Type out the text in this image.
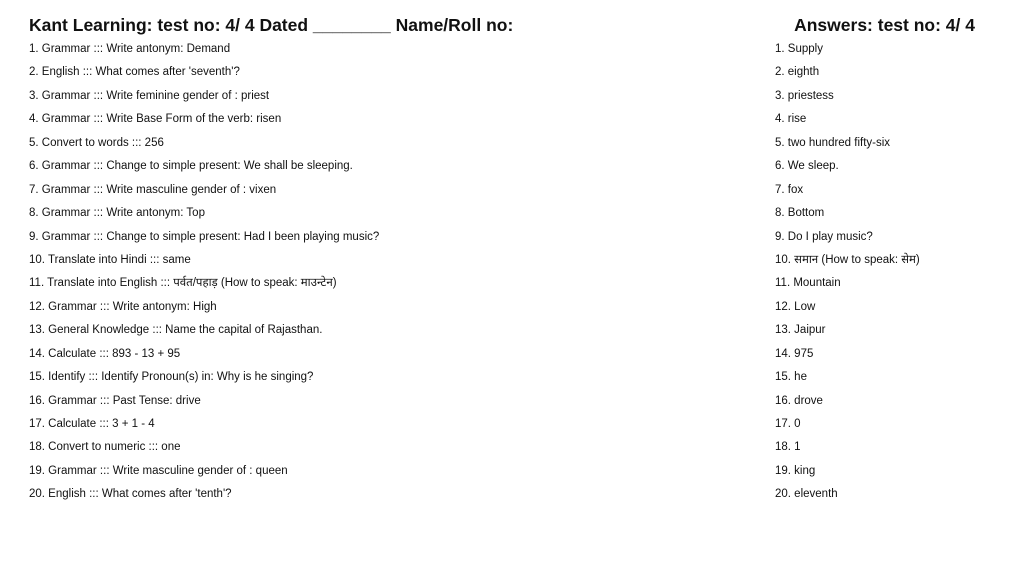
Kant Learning: test no: 4/ 4 Dated ________ Name/Roll no:	Answers: test no: 4/ 4
1. Grammar ::: Write antonym: Demand
2. English ::: What comes after 'seventh'?
3. Grammar ::: Write feminine gender of : priest
4. Grammar ::: Write Base Form of the verb: risen
5. Convert to words ::: 256
6. Grammar ::: Change to simple present: We shall be sleeping.
7. Grammar ::: Write masculine gender of : vixen
8. Grammar ::: Write antonym: Top
9. Grammar ::: Change to simple present: Had I been playing music?
10. Translate into Hindi ::: same
11. Translate into English ::: पर्वत/पहाड़ (How to speak: माउन्टेन)
12. Grammar ::: Write antonym: High
13. General Knowledge ::: Name the capital of Rajasthan.
14. Calculate ::: 893 - 13 + 95
15. Identify ::: Identify Pronoun(s) in: Why is he singing?
16. Grammar ::: Past Tense: drive
17. Calculate ::: 3 + 1 - 4
18. Convert to numeric ::: one
19. Grammar ::: Write masculine gender of : queen
20. English ::: What comes after 'tenth'?
1. Supply
2. eighth
3. priestess
4. rise
5. two hundred fifty-six
6. We sleep.
7. fox
8. Bottom
9. Do I play music?
10. समान (How to speak: सेम)
11. Mountain
12. Low
13. Jaipur
14. 975
15. he
16. drove
17. 0
18. 1
19. king
20. eleventh
